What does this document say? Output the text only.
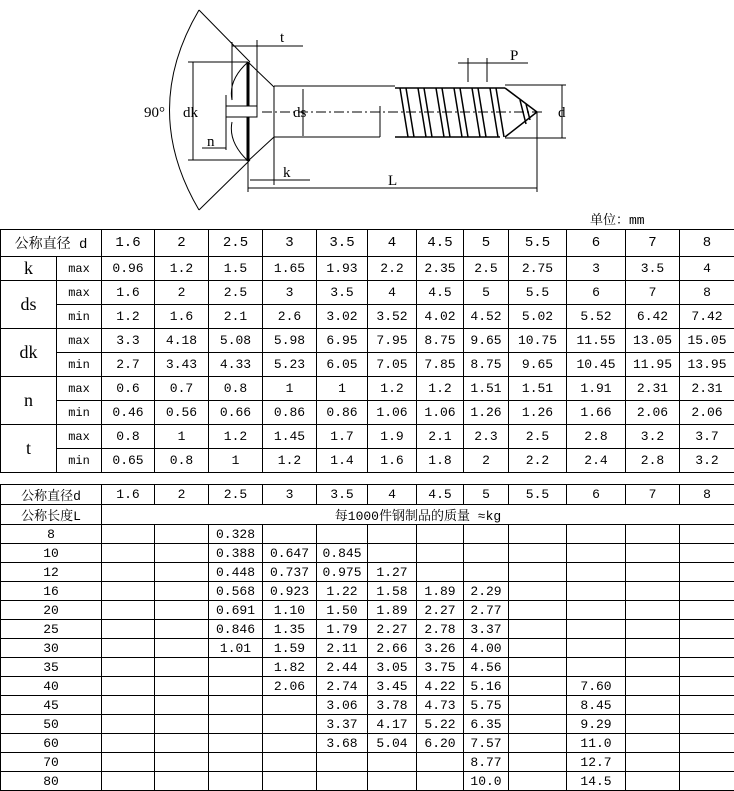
90° dk	ds	d
t
P
n
k	L
单位：mm
公称直径 d		1.6	2	2.5	3	3.5	4	4.5	5	5.5	6	7	8
k	max	0.96	1.2	1.5	1.65	1.93	2.2	2.35	2.5	2.75	3	3.5	4
ds	max	1.6	2	2.5	3	3.5	4	4.5	5	5.5	6	7	8
	min	1.2	1.6	2.1	2.6	3.02	3.52	4.02	4.52	5.02	5.52	6.42	7.42
dk	max	3.3	4.18	5.08	5.98	6.95	7.95	8.75	9.65	10.75	11.55	13.05	15.05
	min	2.7	3.43	4.33	5.23	6.05	7.05	7.85	8.75	9.65	10.45	11.95	13.95
n	max	0.6	0.7	0.8	1	1	1.2	1.2	1.51	1.51	1.91	2.31	2.31
	min	0.46	0.56	0.66	0.86	0.86	1.06	1.06	1.26	1.26	1.66	2.06	2.06
t	max	0.8	1	1.2	1.45	1.7	1.9	2.1	2.3	2.5	2.8	3.2	3.7
	min	0.65	0.8	1	1.2	1.4	1.6	1.8	2	2.2	2.4	2.8	3.2
公称直径d	1.6	2	2.5	3	3.5	4	4.5	5	5.5	6	7	8
公称长度L	每1000件钢制品的质量 ≈kg											
8			0.328									
10			0.388	0.647	0.845							
12			0.448	0.737	0.975	1.27						
16			0.568	0.923	1.22	1.58	1.89	2.29				
20			0.691	1.10	1.50	1.89	2.27	2.77				
25			0.846	1.35	1.79	2.27	2.78	3.37				
30			1.01	1.59	2.11	2.66	3.26	4.00				
35				1.82	2.44	3.05	3.75	4.56				
40				2.06	2.74	3.45	4.22	5.16		7.60		
45					3.06	3.78	4.73	5.75		8.45		
50					3.37	4.17	5.22	6.35		9.29		
60					3.68	5.04	6.20	7.57		11.0		
70								8.77		12.7		
80								10.0		14.5		
